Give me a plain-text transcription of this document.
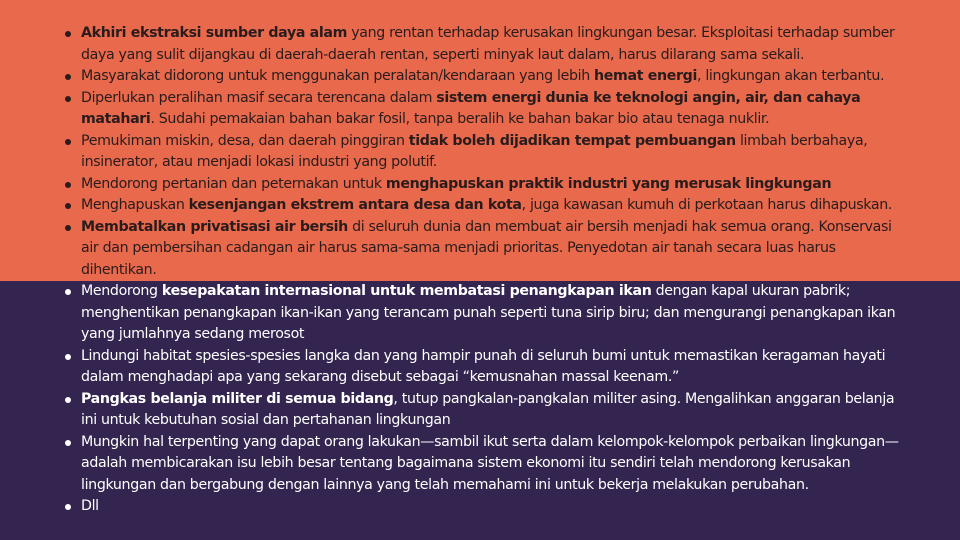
Akhiri ekstraksi sumber daya alam yang rentan terhadap kerusakan lingkungan besar. Eksploitasi terhadap sumber daya yang sulit dijangkau di daerah-daerah rentan, seperti minyak laut dalam, harus dilarang sama sekali.
Masyarakat didorong untuk menggunakan peralatan/kendaraan yang lebih hemat energi, lingkungan akan terbantu.
Diperlukan peralihan masif secara terencana dalam sistem energi dunia ke teknologi angin, air, dan cahaya matahari. Sudahi pemakaian bahan bakar fosil, tanpa beralih ke bahan bakar bio atau tenaga nuklir.
Pemukiman miskin, desa, dan daerah pinggiran tidak boleh dijadikan tempat pembuangan limbah berbahaya, insinerator, atau menjadi lokasi industri yang polutif.
Mendorong pertanian dan peternakan untuk menghapuskan praktik industri yang merusak lingkungan
Menghapuskan kesenjangan ekstrem antara desa dan kota, juga kawasan kumuh di perkotaan harus dihapuskan.
Membatalkan privatisasi air bersih di seluruh dunia dan membuat air bersih menjadi hak semua orang. Konservasi air dan pembersihan cadangan air harus sama-sama menjadi prioritas. Penyedotan air tanah secara luas harus dihentikan.
Mendorong kesepakatan internasional untuk membatasi penangkapan ikan dengan kapal ukuran pabrik; menghentikan penangkapan ikan-ikan yang terancam punah seperti tuna sirip biru; dan mengurangi penangkapan ikan yang jumlahnya sedang merosot
Lindungi habitat spesies-spesies langka dan yang hampir punah di seluruh bumi untuk memastikan keragaman hayati dalam menghadapi apa yang sekarang disebut sebagai “kemusnahan massal keenam.”
Pangkas belanja militer di semua bidang, tutup pangkalan-pangkalan militer asing. Mengalihkan anggaran belanja ini untuk kebutuhan sosial dan pertahanan lingkungan
Mungkin hal terpenting yang dapat orang lakukan—sambil ikut serta dalam kelompok-kelompok perbaikan lingkungan—adalah membicarakan isu lebih besar tentang bagaimana sistem ekonomi itu sendiri telah mendorong kerusakan lingkungan dan bergabung dengan lainnya yang telah memahami ini untuk bekerja melakukan perubahan.
Dll
